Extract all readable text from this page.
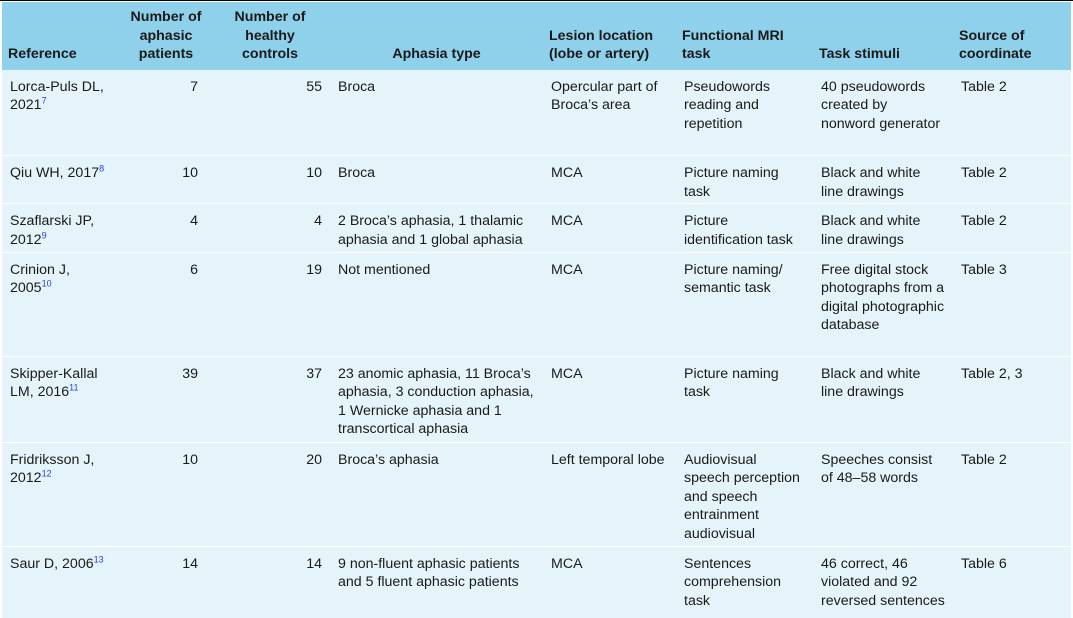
Reference	Number of aphasic patients	Number of healthy controls	Aphasia type	Lesion location (lobe or artery)	Functional MRI task	Task stimuli	Source of coordinate
Lorca-Puls DL, 2021$^7$	7	55	Broca	Opercular part of Broca’s area	Pseudowords reading and repetition	40 pseudowords created by nonword generator	Table 2
Qiu WH, 2017$^8$	10	10	Broca	MCA	Picture naming task	Black and white line drawings	Table 2
Szaflarski JP, 2012$^9$	4	4	2 Broca’s aphasia, 1 thalamic aphasia and 1 global aphasia	MCA	Picture identification task	Black and white line drawings	Table 2
Crinion J, 2005$^{10}$	6	19	Not mentioned	MCA	Picture naming/ semantic task	Free digital stock photographs from a digital photographic database	Table 3
Skipper-Kallal LM, 2016$^{11}$	39	37	23 anomic aphasia, 11 Broca’s aphasia, 3 conduction aphasia, 1 Wernicke aphasia and 1 transcortical aphasia	MCA	Picture naming task	Black and white line drawings	Table 2, 3
Fridriksson J, 2012$^{12}$	10	20	Broca’s aphasia	Left temporal lobe	Audiovisual speech perception and speech entrainment audiovisual	Speeches consist of 48–58 words	Table 2
Saur D, 2006$^{13}$	14	14	9 non-fluent aphasic patients and 5 fluent aphasic patients	MCA	Sentences comprehension task	46 correct, 46 violated and 92 reversed sentences	Table 6
